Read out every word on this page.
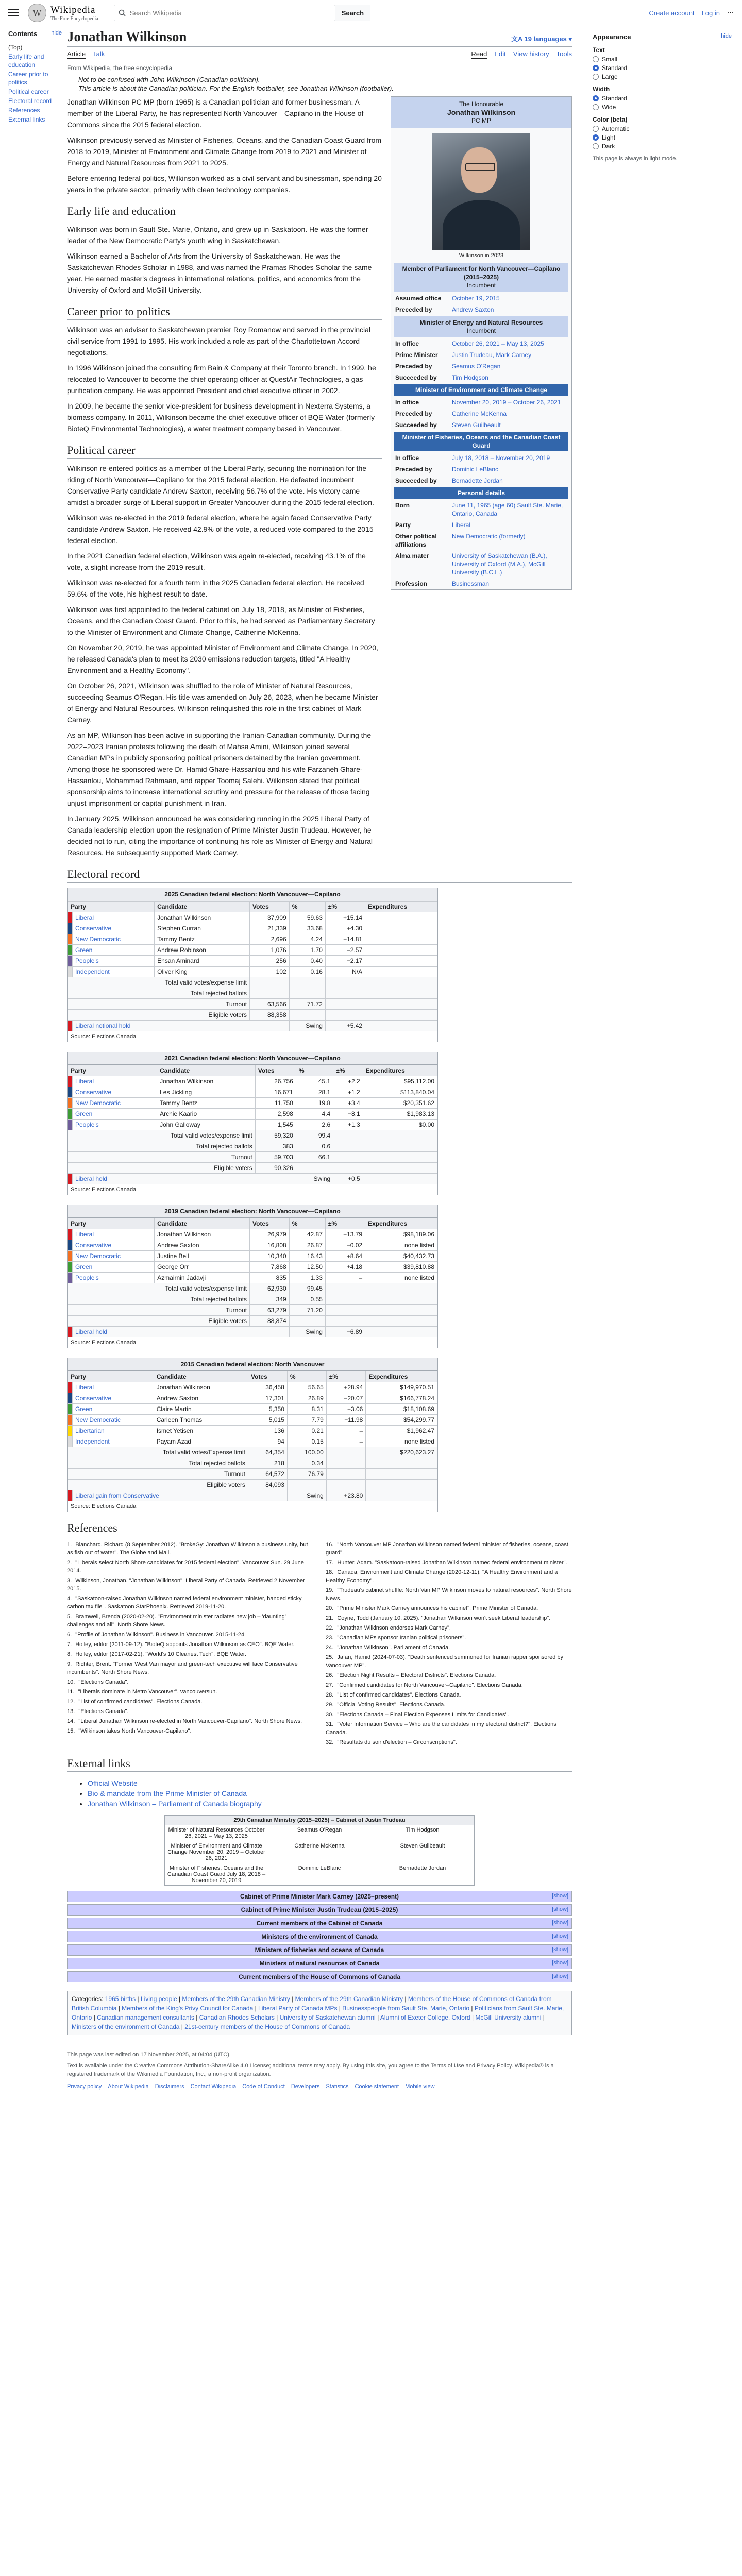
W Wikipedia
The Free Encyclopedia
Search Wikipedia
Search	Create account Log in ⋯
Contents hide
(Top)
Early life and education
Career prior to politics
Political career
Electoral record
References
External links
Jonathan Wilkinson	文A 19 languages ▾
Article Talk	Read Edit View history Tools
From Wikipedia, the free encyclopedia
Not to be confused with John Wilkinson (Canadian politician).
This article is about the Canadian politician. For the English footballer, see Jonathan Wilkinson (footballer).
The Honourable
Jonathan Wilkinson
PC MP
Wilkinson in 2023
Member of Parliament for North Vancouver—Capilano (2015–2025)
Incumbent
Assumed office	October 19, 2015
Preceded by	Andrew Saxton
Minister of Energy and Natural Resources
Incumbent
In office	October 26, 2021 – May 13, 2025
Prime Minister	Justin Trudeau, Mark Carney
Preceded by	Seamus O'Regan
Succeeded by	Tim Hodgson
Minister of Environment and Climate Change
In office	November 20, 2019 – October 26, 2021
Preceded by	Catherine McKenna
Succeeded by	Steven Guilbeault
Minister of Fisheries, Oceans and the Canadian Coast Guard
In office	July 18, 2018 – November 20, 2019
Preceded by	Dominic LeBlanc
Succeeded by	Bernadette Jordan
Personal details
Born	June 11, 1965 (age 60) Sault Ste. Marie, Ontario, Canada
Party	Liberal
Other political affiliations
New Democratic (formerly)
Alma mater	University of Saskatchewan (B.A.), University of Oxford (M.A.), McGill University (B.C.L.)
Profession	Businessman

Jonathan Wilkinson PC MP (born 1965) is a Canadian politician and former businessman. A member of the Liberal Party, he has represented North Vancouver—Capilano in the House of Commons since the 2015 federal election.

Wilkinson previously served as Minister of Fisheries, Oceans, and the Canadian Coast Guard from 2018 to 2019, Minister of Environment and Climate Change from 2019 to 2021 and Minister of Energy and Natural Resources from 2021 to 2025.

Before entering federal politics, Wilkinson worked as a civil servant and businessman, spending 20 years in the private sector, primarily with clean technology companies.

Early life and education

Wilkinson was born in Sault Ste. Marie, Ontario, and grew up in Saskatoon. He was the former leader of the New Democratic Party's youth wing in Saskatchewan.

Wilkinson earned a Bachelor of Arts from the University of Saskatchewan. He was the Saskatchewan Rhodes Scholar in 1988, and was named the Pramas Rhodes Scholar the same year. He earned master's degrees in international relations, politics, and economics from the University of Oxford and McGill University.

Career prior to politics

Wilkinson was an adviser to Saskatchewan premier Roy Romanow and served in the provincial civil service from 1991 to 1995. His work included a role as part of the Charlottetown Accord negotiations.

In 1996 Wilkinson joined the consulting firm Bain & Company at their Toronto branch. In 1999, he relocated to Vancouver to become the chief operating officer at QuestAir Technologies, a gas purification company. He was appointed President and chief executive officer in 2002.

In 2009, he became the senior vice-president for business development in Nexterra Systems, a biomass company. In 2011, Wilkinson became the chief executive officer of BQE Water (formerly BioteQ Environmental Technologies), a water treatment company based in Vancouver.

Political career

Wilkinson re-entered politics as a member of the Liberal Party, securing the nomination for the riding of North Vancouver—Capilano for the 2015 federal election. He defeated incumbent Conservative Party candidate Andrew Saxton, receiving 56.7% of the vote. His victory came amidst a broader surge of Liberal support in Greater Vancouver during the 2015 federal election.

Wilkinson was re-elected in the 2019 federal election, where he again faced Conservative Party candidate Andrew Saxton. He received 42.9% of the vote, a reduced vote compared to the 2015 federal election.

In the 2021 Canadian federal election, Wilkinson was again re-elected, receiving 43.1% of the vote, a slight increase from the 2019 result.

Wilkinson was re-elected for a fourth term in the 2025 Canadian federal election. He received 59.6% of the vote, his highest result to date.

Wilkinson was first appointed to the federal cabinet on July 18, 2018, as Minister of Fisheries, Oceans, and the Canadian Coast Guard. Prior to this, he had served as Parliamentary Secretary to the Minister of Environment and Climate Change, Catherine McKenna.

On November 20, 2019, he was appointed Minister of Environment and Climate Change. In 2020, he released Canada's plan to meet its 2030 emissions reduction targets, titled "A Healthy Environment and a Healthy Economy".

On October 26, 2021, Wilkinson was shuffled to the role of Minister of Natural Resources, succeeding Seamus O'Regan. His title was amended on July 26, 2023, when he became Minister of Energy and Natural Resources. Wilkinson relinquished this role in the first cabinet of Mark Carney.

As an MP, Wilkinson has been active in supporting the Iranian-Canadian community. During the 2022–2023 Iranian protests following the death of Mahsa Amini, Wilkinson joined several Canadian MPs in publicly sponsoring political prisoners detained by the Iranian government. Among those he sponsored were Dr. Hamid Ghare-Hassanlou and his wife Farzaneh Ghare-Hassanlou, Mohammad Rahmaan, and rapper Toomaj Salehi. Wilkinson stated that political sponsorship aims to increase international scrutiny and pressure for the release of those facing unjust imprisonment or capital punishment in Iran.

In January 2025, Wilkinson announced he was considering running in the 2025 Liberal Party of Canada leadership election upon the resignation of Prime Minister Justin Trudeau. However, he decided not to run, citing the importance of continuing his role as Minister of Energy and Natural Resources. He subsequently supported Mark Carney.

Electoral record
2025 Canadian federal election: North Vancouver—Capilano
Party		Candidate	Votes	%	±%	Expenditures
	Liberal	Jonathan Wilkinson	37,909	59.63	+15.14	
	Conservative	Stephen Curran	21,339	33.68	+4.30	
	New Democratic	Tammy Bentz	2,696	4.24	−14.81	
	Green	Andrew Robinson	1,076	1.70	−2.57	
	People's	Ehsan Aminard	256	0.40	−2.17	
	Independent	Oliver King	102	0.16	N/A	
Total valid votes/expense limit						
Total rejected ballots						
Turnout			63,566	71.72		
Eligible voters			88,358			
	Liberal notional hold			Swing	+5.42	
Source: Elections Canada
2021 Canadian federal election: North Vancouver—Capilano
Party		Candidate	Votes	%	±%	Expenditures
	Liberal	Jonathan Wilkinson	26,756	45.1	+2.2	$95,112.00
	Conservative	Les Jickling	16,671	28.1	+1.2	$113,840.04
	New Democratic	Tammy Bentz	11,750	19.8	+3.4	$20,351.62
	Green	Archie Kaario	2,598	4.4	−8.1	$1,983.13
	People's	John Galloway	1,545	2.6	+1.3	$0.00
Total valid votes/expense limit			59,320	99.4		
Total rejected ballots			383	0.6		
Turnout			59,703	66.1		
Eligible voters			90,326			
	Liberal hold			Swing	+0.5	
Source: Elections Canada
2019 Canadian federal election: North Vancouver—Capilano
Party		Candidate	Votes	%	±%	Expenditures
	Liberal	Jonathan Wilkinson	26,979	42.87	−13.79	$98,189.06
	Conservative	Andrew Saxton	16,808	26.87	−0.02	none listed
	New Democratic	Justine Bell	10,340	16.43	+8.64	$40,432.73
	Green	George Orr	7,868	12.50	+4.18	$39,810.88
	People's	Azmairnin Jadavji	835	1.33	–	none listed
Total valid votes/expense limit			62,930	99.45		
Total rejected ballots			349	0.55		
Turnout			63,279	71.20		
Eligible voters			88,874			
	Liberal hold			Swing	−6.89	
Source: Elections Canada
2015 Canadian federal election: North Vancouver
Party		Candidate	Votes	%	±%	Expenditures
	Liberal	Jonathan Wilkinson	36,458	56.65	+28.94	$149,970.51
	Conservative	Andrew Saxton	17,301	26.89	−20.07	$166,778.24
	Green	Claire Martin	5,350	8.31	+3.06	$18,108.69
	New Democratic	Carleen Thomas	5,015	7.79	−11.98	$54,299.77
	Libertarian	Ismet Yetisen	136	0.21	–	$1,962.47
	Independent	Payam Azad	94	0.15	–	none listed
Total valid votes/Expense limit			64,354	100.00		$220,623.27
Total rejected ballots			218	0.34		
Turnout			64,572	76.79		
Eligible voters			84,093			
	Liberal gain from Conservative			Swing	+23.80	
Source: Elections Canada
References
1. Blanchard, Richard (8 September 2012). "BrokeGy: Jonathan Wilkinson a business unity, but as fish out of water". The Globe and Mail.
2. "Liberals select North Shore candidates for 2015 federal election". Vancouver Sun. 29 June 2014.
3. Wilkinson, Jonathan. "Jonathan Wilkinson". Liberal Party of Canada. Retrieved 2 November 2015.
4. "Saskatoon-raised Jonathan Wilkinson named federal environment minister, handed sticky carbon tax file". Saskatoon StarPhoenix. Retrieved 2019-11-20.
5. Bramwell, Brenda (2020-02-20). "Environment minister radiates new job – 'daunting' challenges and all". North Shore News.
6. "Profile of Jonathan Wilkinson". Business in Vancouver. 2015-11-24.
7. Holley, editor (2011-09-12). "BioteQ appoints Jonathan Wilkinson as CEO". BQE Water.
8. Holley, editor (2017-02-21). "World's 10 Cleanest Tech". BQE Water.
9. Richter, Brent. "Former West Van mayor and green-tech executive will face Conservative incumbents". North Shore News.
10. "Elections Canada".
11. "Liberals dominate in Metro Vancouver". vancouversun.
12. "List of confirmed candidates". Elections Canada.
13. "Elections Canada".
14. "Liberal Jonathan Wilkinson re-elected in North Vancouver-Capilano". North Shore News.
15. "Wilkinson takes North Vancouver-Capilano".
16. "North Vancouver MP Jonathan Wilkinson named federal minister of fisheries, oceans, coast guard".
17. Hunter, Adam. "Saskatoon-raised Jonathan Wilkinson named federal environment minister".
18. Canada, Environment and Climate Change (2020-12-11). "A Healthy Environment and a Healthy Economy".
19. "Trudeau's cabinet shuffle: North Van MP Wilkinson moves to natural resources". North Shore News.
20. "Prime Minister Mark Carney announces his cabinet". Prime Minister of Canada.
21. Coyne, Todd (January 10, 2025). "Jonathan Wilkinson won't seek Liberal leadership".
22. "Jonathan Wilkinson endorses Mark Carney".
23. "Canadian MPs sponsor Iranian political prisoners".
24. "Jonathan Wilkinson". Parliament of Canada.
25. Jafari, Hamid (2024-07-03). "Death sentenced summoned for Iranian rapper sponsored by Vancouver MP".
26. "Election Night Results – Electoral Districts". Elections Canada.
27. "Confirmed candidates for North Vancouver–Capilano". Elections Canada.
28. "List of confirmed candidates". Elections Canada.
29. "Official Voting Results". Elections Canada.
30. "Elections Canada – Final Election Expenses Limits for Candidates".
31. "Voter Information Service – Who are the candidates in my electoral district?". Elections Canada.
32. "Résultats du soir d'élection – Circonscriptions".
External links
• Official Website
• Bio & mandate from the Prime Minister of Canada
• Jonathan Wilkinson – Parliament of Canada biography
29th Canadian Ministry (2015–2025) – Cabinet of Justin Trudeau
Minister of Natural Resources October 26, 2021 – May 13, 2025
Seamus O'Regan	Tim Hodgson
Minister of Environment and Climate Change November 20, 2019 – October 26, 2021
Catherine McKenna	Steven Guilbeault
Minister of Fisheries, Oceans and the Canadian Coast Guard July 18, 2018 – November 20, 2019
Dominic LeBlanc	Bernadette Jordan
Cabinet of Prime Minister Mark Carney (2025–present)	[show]
Cabinet of Prime Minister Justin Trudeau (2015–2025)	[show]
Current members of the Cabinet of Canada	[show]
Ministers of the environment of Canada	[show]
Ministers of fisheries and oceans of Canada	[show]
Ministers of natural resources of Canada	[show]
Current members of the House of Commons of Canada	[show]
Categories: 1965 births | Living people | Members of the 29th Canadian Ministry | Members of the 29th Canadian Ministry | Members of the House of Commons of Canada from British Columbia | Members of the King's Privy Council for Canada | Liberal Party of Canada MPs | Businesspeople from Sault Ste. Marie, Ontario | Politicians from Sault Ste. Marie, Ontario | Canadian management consultants | Canadian Rhodes Scholars | University of Saskatchewan alumni | Alumni of Exeter College, Oxford | McGill University alumni | Ministers of the environment of Canada | 21st-century members of the House of Commons of Canada
This page was last edited on 17 November 2025, at 04:04 (UTC).
Text is available under the Creative Commons Attribution-ShareAlike 4.0 License; additional terms may apply. By using this site, you agree to the Terms of Use and Privacy Policy. Wikipedia® is a registered trademark of the Wikimedia Foundation, Inc., a non-profit organization.
Privacy policy About Wikipedia Disclaimers Contact Wikipedia Code of Conduct Developers Statistics Cookie statement Mobile view
Appearance	hide
Text
Small
Standard
Large
Width
Standard
Wide
Color (beta)
Automatic
Light
Dark
This page is always in light mode.
